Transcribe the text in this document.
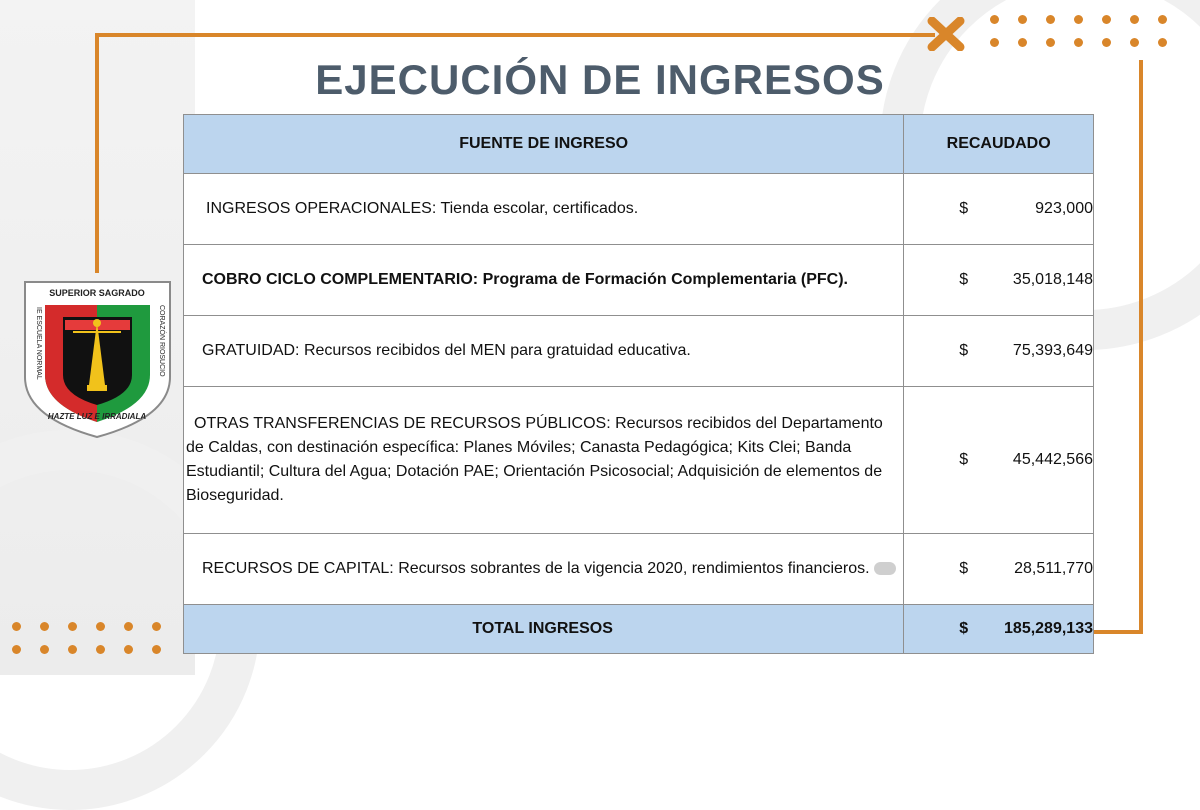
EJECUCIÓN DE INGRESOS
SUPERIOR SAGRADO
IE ESCUELA NORMAL	CORAZÓN RIOSUCIO
HAZTE LUZ E IRRADIALA
FUENTE DE INGRESO	RECAUDADO
INGRESOS OPERACIONALES: Tienda escolar, certificados.	$ 923,000

COBRO CICLO COMPLEMENTARIO: Programa de Formación Complementaria (PFC).	$ 35,018,148

GRATUIDAD: Recursos recibidos del MEN para gratuidad educativa.	$ 75,393,649

OTRAS TRANSFERENCIAS DE RECURSOS PÚBLICOS: Recursos recibidos del Departamento de Caldas, con destinación específica: Planes Móviles; Canasta Pedagógica; Kits Clei; Banda Estudiantil; Cultura del Agua; Dotación PAE; Orientación Psicosocial; Adquisición de elementos de Bioseguridad.	$ 45,442,566

RECURSOS DE CAPITAL: Recursos sobrantes de la vigencia 2020, rendimientos financieros.	$ 28,511,770

TOTAL INGRESOS	$ 185,289,133
